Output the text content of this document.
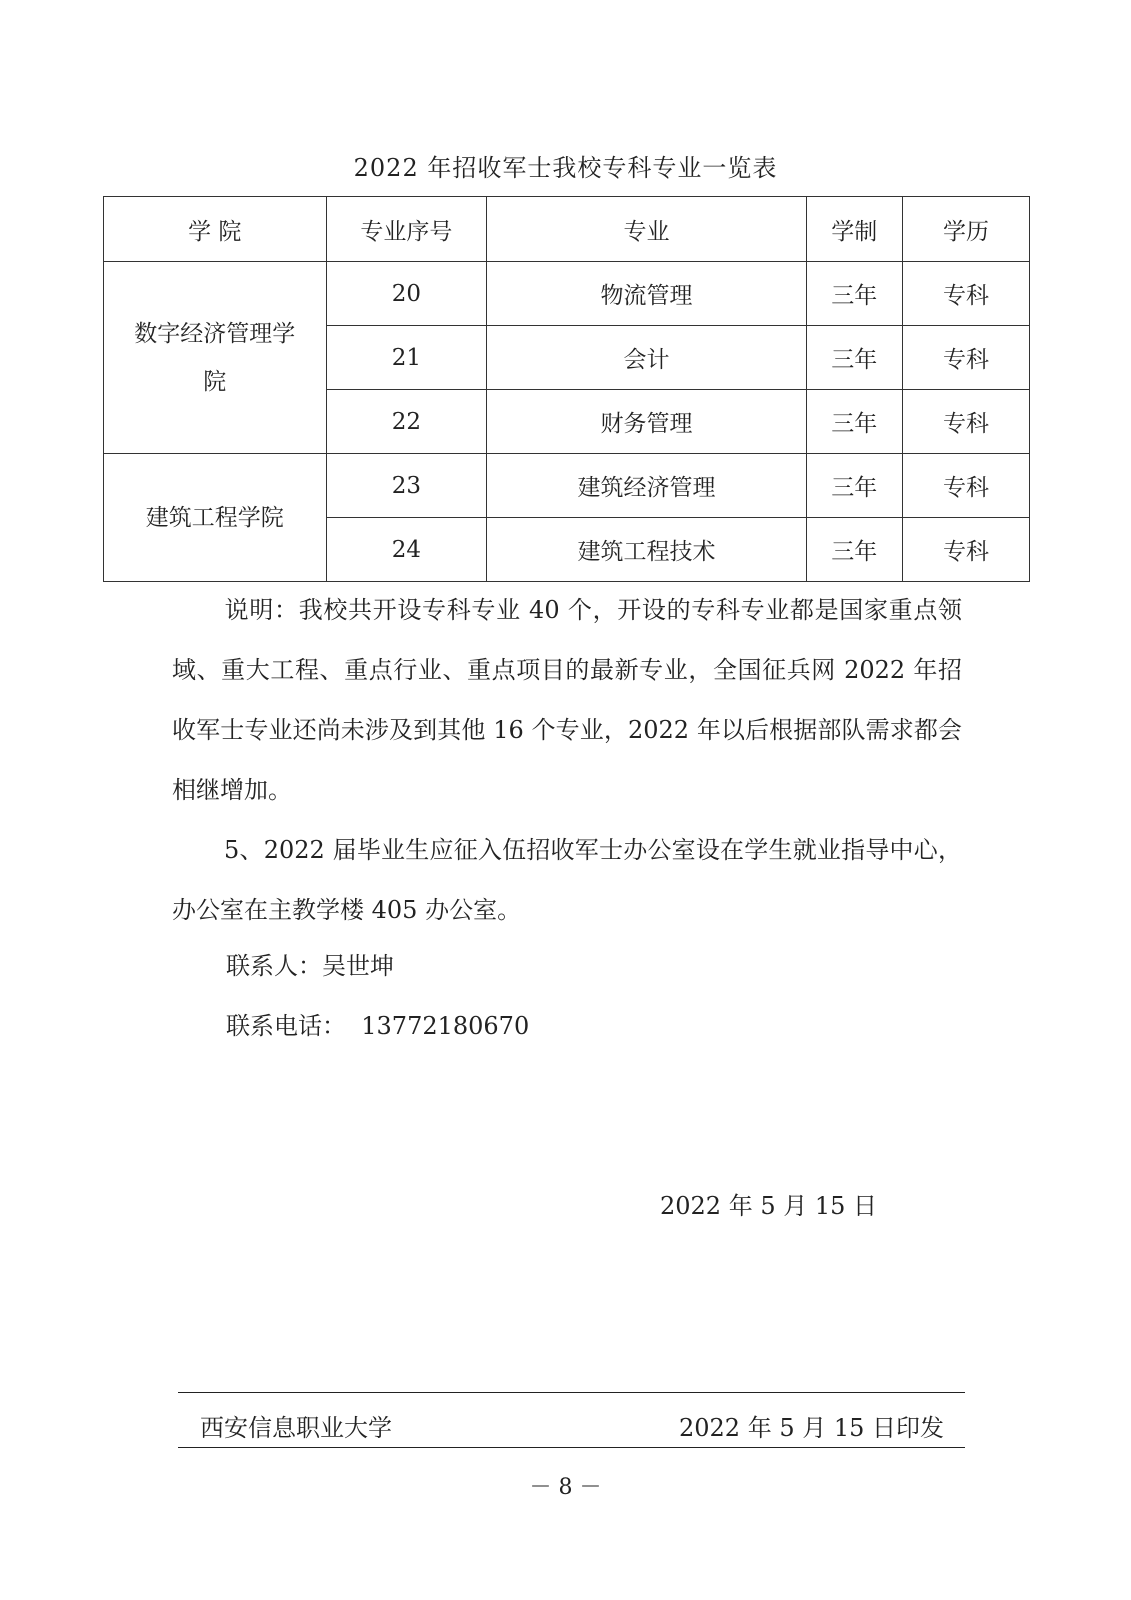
2022 年招收军士我校专科专业一览表
学 院	专业序号	专业	学制	学历

数字经济管理学院	20	物流管理	三年	专科
	21	会计	三年	专科
	22	财务管理	三年	专科

建筑工程学院	23	建筑经济管理	三年	专科
	24	建筑工程技术	三年	专科

说明：我校共开设专科专业 40 个，开设的专科专业都是国家重点领域、重大工程、重点行业、重点项目的最新专业，全国征兵网 2022 年招收军士专业还尚未涉及到其他 16 个专业，2022 年以后根据部队需求都会相继增加。

5、2022 届毕业生应征入伍招收军士办公室设在学生就业指导中心，办公室在主教学楼 405 办公室。

联系人：吴世坤
联系电话：  13772180670
2022 年 5 月 15 日
西安信息职业大学	2022 年 5 月 15 日印发
－ 8 －
